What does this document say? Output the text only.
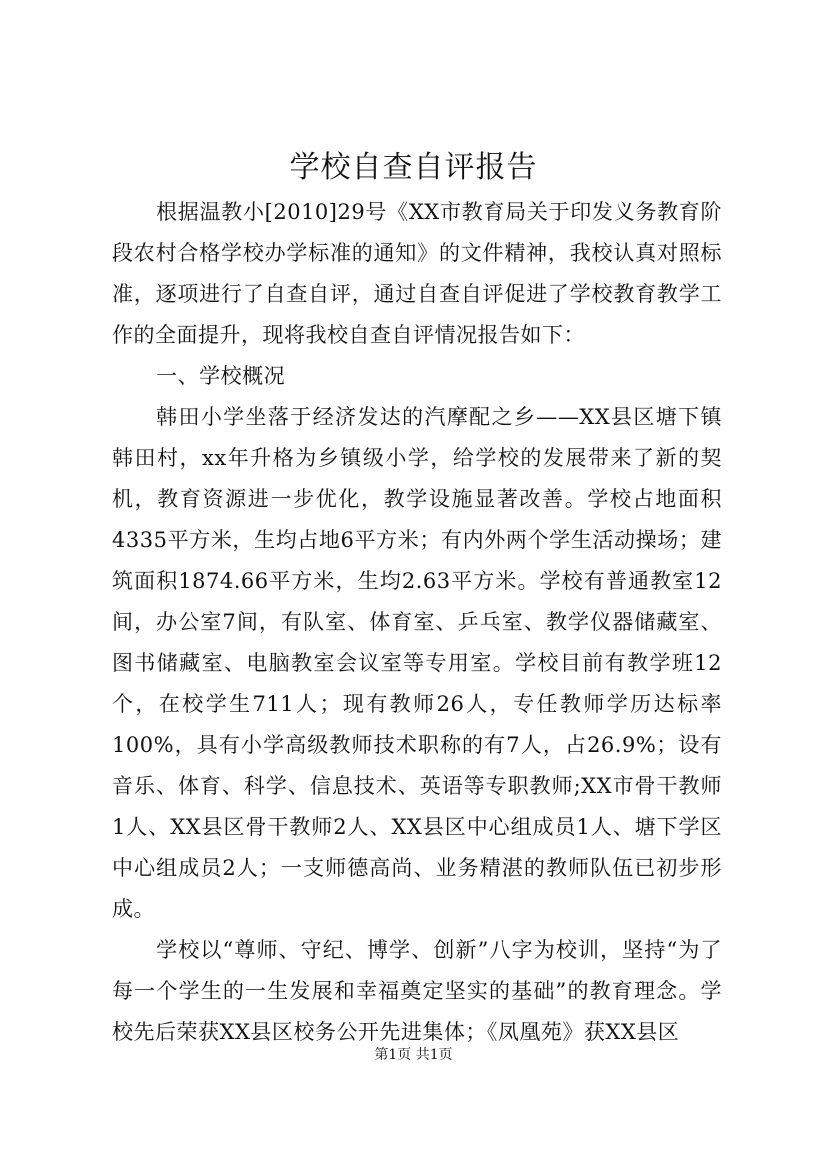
学校自查自评报告

根据温教小[2010]29号《XX市教育局关于印发义务教育阶段农村合格学校办学标准的通知》的文件精神，我校认真对照标准，逐项进行了自查自评，通过自查自评促进了学校教育教学工作的全面提升，现将我校自查自评情况报告如下：

一、学校概况

韩田小学坐落于经济发达的汽摩配之乡——XX县区塘下镇韩田村，xx年升格为乡镇级小学，给学校的发展带来了新的契机，教育资源进一步优化，教学设施显著改善。学校占地面积4335平方米，生均占地6平方米；有内外两个学生活动操场；建筑面积1874.66平方米，生均2.63平方米。学校有普通教室12间，办公室7间，有队室、体育室、乒乓室、教学仪器储藏室、图书储藏室、电脑教室会议室等专用室。学校目前有教学班12个，在校学生711人；现有教师26人，专任教师学历达标率100%，具有小学高级教师技术职称的有7人，占26.9%；设有音乐、体育、科学、信息技术、英语等专职教师;XX市骨干教师1人、XX县区骨干教师2人、XX县区中心组成员1人、塘下学区中心组成员2人；一支师德高尚、业务精湛的教师队伍已初步形成。

学校以“尊师、守纪、博学、创新”八字为校训，坚持“为了每一个学生的一生发展和幸福奠定坚实的基础”的教育理念。学校先后荣获XX县区校务公开先进集体；《凤凰苑》获XX县区

第1页 共1页
